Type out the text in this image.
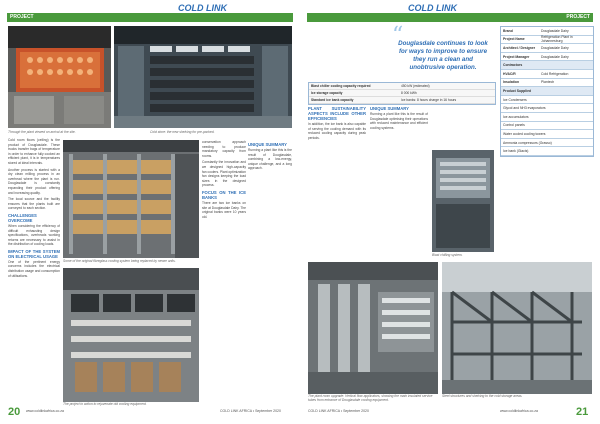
PROJECT
COLD LINK
AFRICA
Through the plant viewed on arrival at the site.	Cold store: the new shelving for pre-packed.

Cold room floors (ceiling) is the product of Douglasdale. These trucks transfer bags of temperature in order to enhance fully cooked an efficient plant, it is in temperatures stored at ideal intervals.

Another process is started with a dry clean milling process in an overhead where the plant is run. Douglasdale is constantly expanding their product offering and increasing quality.

The local source and the facility ensures that the plants built are conveyed to each section.

CHALLENGES OVERCOME

When considering the efficiency of difficult exhausting design specifications, overheads working returns are necessary to assist in the distribution of cooling loads.

IMPACT OF THE SYSTEM ON ELECTRICAL USAGE

One of the pertinent energy concerns includes the electrical distribution usage and consumption of utilisations.

Some of the original fibreglass cooling system being replaced by newer units.
The project in action to rejuvenate old cooling equipment.

conservation approach needing to produce mandatory capacity from rooms.

Constantly the innovation and we designed high-capacity fan coolers. Plant optimization fan designs keeping the load sizes in the designed process.

FOCUS ON THE ICE BANKS

There are two ice banks on site at Douglasdale Dairy. The original banks were 10 years old.

UNIQUE SUMMARY

Running a plant like this is the result of Douglasdale, combining a low-energy, unique challenge, and a long approach.

20 www.coldlinkafrica.co.za	COLD LINK AFRICA • September 2020
PROJECT
COLD LINK
AFRICA
“
Douglasdale continues to look for ways to improve to ensure they run a clean and unobtrusive operation.
Brand	Douglasdale Dairy
Project Name	Refrigeration Plant in Johannesburg
Architect / Designer	Douglasdale Dairy
Project Manager	Douglasdale Dairy
Contractors
HVAC/R	Cold Refrigeration
Insulation	Plantech
Product Supplied
Ice Condensers
Glycol and NH3 evaporators
Ice accumulators
Control panels
Water cooled cooling towers
Ammonia compressors (Grasso)
Ice bank (Glacis)
Blast chiller cooling capacity required	450 kW (estimated)
Ice storage capacity	8 000 kWh
Standard ice bank capacity	Ice banks: 8 hours charge in 16 hours
PLANT SUSTAINABILITY ASPECTS INCLUDE OTHER EFFICIENCIES

In addition, the ice bank is also capable of serving the cooling demand with its reduced cooling capacity during peak periods.

UNIQUE SUMMARY

Running a plant like this is the result of Douglasdale optimising their operations with reduced maintenance and efficient cooling systems.

Blast chilling system.
The plant room upgrade: Vertical flow applicators, showing the main insulated service tubes from entrance of Douglasdale cooling equipment.
Steel structures and shelving to the cold storage areas.
COLD LINK AFRICA • September 2020	www.coldlinkafrica.co.za	21
